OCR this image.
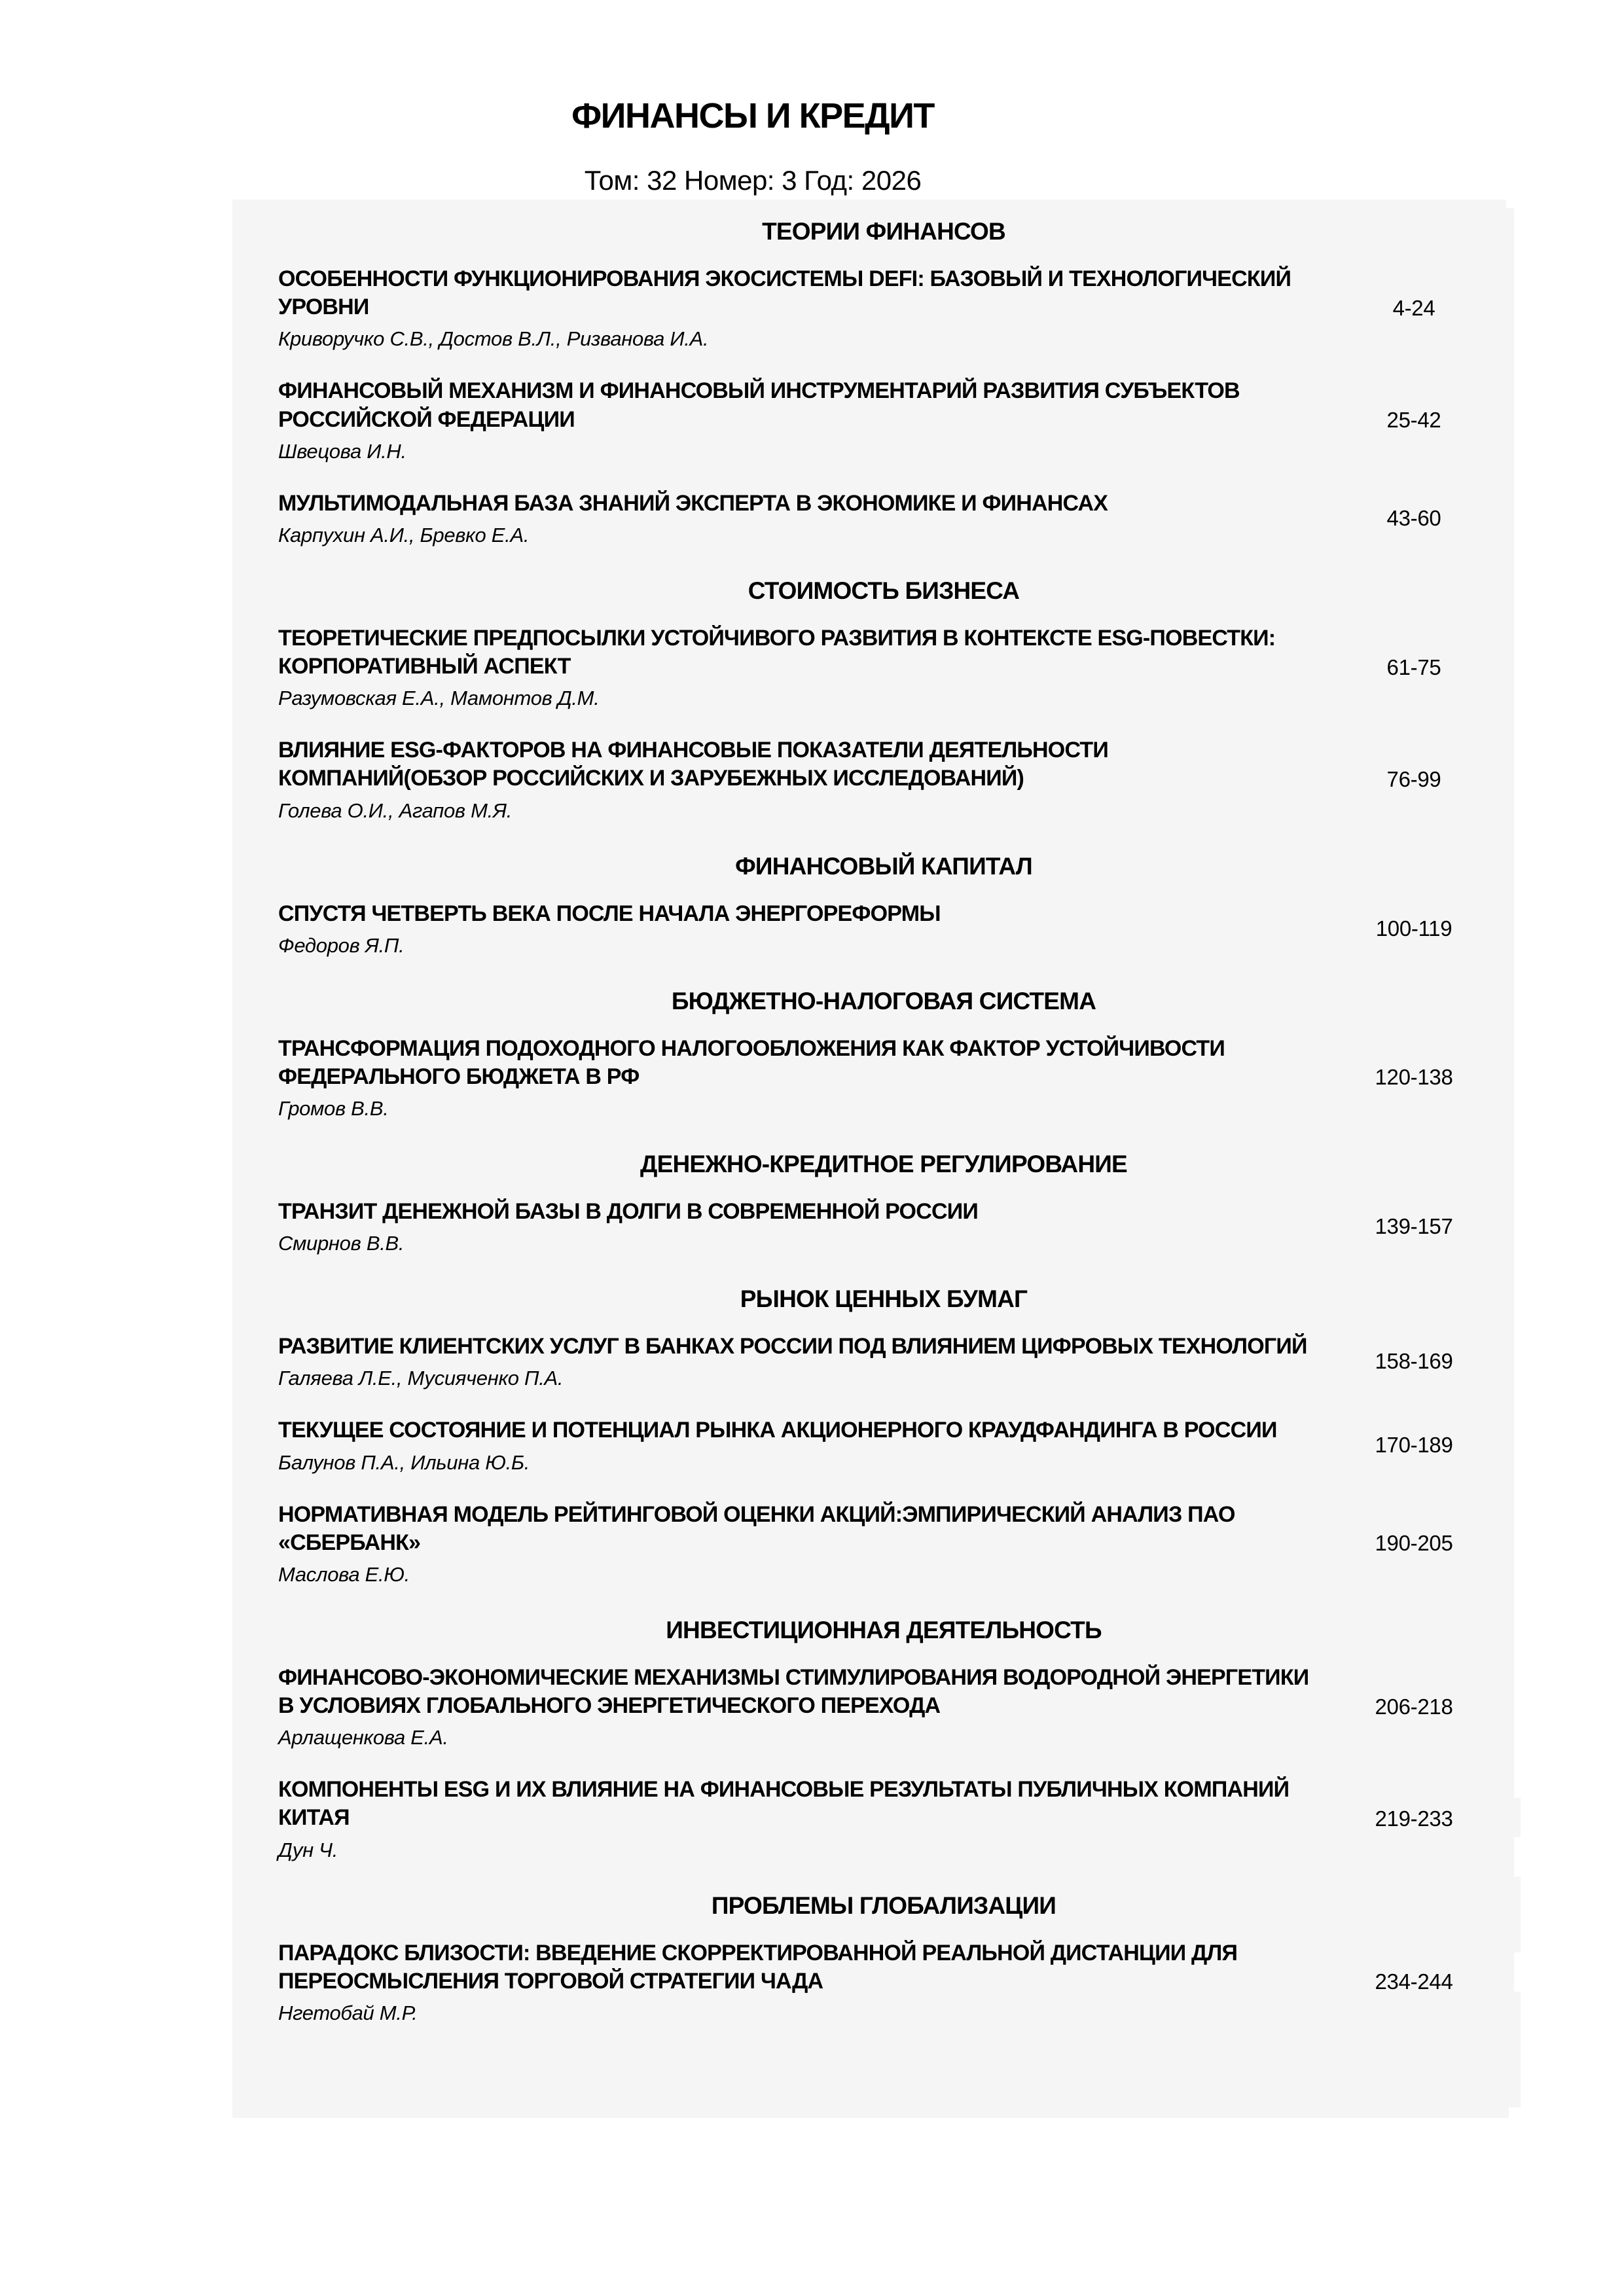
ФИНАНСЫ И КРЕДИТ
Том: 32 Номер: 3 Год: 2026
ТЕОРИИ ФИНАНСОВ
ОСОБЕННОСТИ ФУНКЦИОНИРОВАНИЯ ЭКОСИСТЕМЫ DEFI: БАЗОВЫЙ И ТЕХНОЛОГИЧЕСКИЙ УРОВНИ
Криворучко С.В., Достов В.Л., Ризванова И.А.
4-24
ФИНАНСОВЫЙ МЕХАНИЗМ И ФИНАНСОВЫЙ ИНСТРУМЕНТАРИЙ РАЗВИТИЯ СУБЪЕКТОВ РОССИЙСКОЙ ФЕДЕРАЦИИ
Швецова И.Н.
25-42
МУЛЬТИМОДАЛЬНАЯ БАЗА ЗНАНИЙ ЭКСПЕРТА В ЭКОНОМИКЕ И ФИНАНСАХ
Карпухин А.И., Бревко Е.А.
43-60
СТОИМОСТЬ БИЗНЕСА
ТЕОРЕТИЧЕСКИЕ ПРЕДПОСЫЛКИ УСТОЙЧИВОГО РАЗВИТИЯ В КОНТЕКСТЕ ESG-ПОВЕСТКИ: КОРПОРАТИВНЫЙ АСПЕКТ
Разумовская Е.А., Мамонтов Д.М.
61-75
ВЛИЯНИЕ ESG-ФАКТОРОВ НА ФИНАНСОВЫЕ ПОКАЗАТЕЛИ ДЕЯТЕЛЬНОСТИ КОМПАНИЙ(ОБЗОР РОССИЙСКИХ И ЗАРУБЕЖНЫХ ИССЛЕДОВАНИЙ)
Голева О.И., Агапов М.Я.
76-99
ФИНАНСОВЫЙ КАПИТАЛ
СПУСТЯ ЧЕТВЕРТЬ ВЕКА ПОСЛЕ НАЧАЛА ЭНЕРГОРЕФОРМЫ
Федоров Я.П.
100-119
БЮДЖЕТНО-НАЛОГОВАЯ СИСТЕМА
ТРАНСФОРМАЦИЯ ПОДОХОДНОГО НАЛОГООБЛОЖЕНИЯ КАК ФАКТОР УСТОЙЧИВОСТИ ФЕДЕРАЛЬНОГО БЮДЖЕТА В РФ
Громов В.В.
120-138
ДЕНЕЖНО-КРЕДИТНОЕ РЕГУЛИРОВАНИЕ
ТРАНЗИТ ДЕНЕЖНОЙ БАЗЫ В ДОЛГИ В СОВРЕМЕННОЙ РОССИИ
Смирнов В.В.
139-157
РЫНОК ЦЕННЫХ БУМАГ
РАЗВИТИЕ КЛИЕНТСКИХ УСЛУГ В БАНКАХ РОССИИ ПОД ВЛИЯНИЕМ ЦИФРОВЫХ ТЕХНОЛОГИЙ
Галяева Л.Е., Мусияченко П.А.
158-169
ТЕКУЩЕЕ СОСТОЯНИЕ И ПОТЕНЦИАЛ РЫНКА АКЦИОНЕРНОГО КРАУДФАНДИНГА В РОССИИ
Балунов П.А., Ильина Ю.Б.
170-189
НОРМАТИВНАЯ МОДЕЛЬ РЕЙТИНГОВОЙ ОЦЕНКИ АКЦИЙ:ЭМПИРИЧЕСКИЙ АНАЛИЗ ПАО «СБЕРБАНК»
Маслова Е.Ю.
190-205
ИНВЕСТИЦИОННАЯ ДЕЯТЕЛЬНОСТЬ
ФИНАНСОВО-ЭКОНОМИЧЕСКИЕ МЕХАНИЗМЫ СТИМУЛИРОВАНИЯ ВОДОРОДНОЙ ЭНЕРГЕТИКИ В УСЛОВИЯХ ГЛОБАЛЬНОГО ЭНЕРГЕТИЧЕСКОГО ПЕРЕХОДА
Арлащенкова Е.А.
206-218
КОМПОНЕНТЫ ESG И ИХ ВЛИЯНИЕ НА ФИНАНСОВЫЕ РЕЗУЛЬТАТЫ ПУБЛИЧНЫХ КОМПАНИЙ КИТАЯ
Дун Ч.
219-233
ПРОБЛЕМЫ ГЛОБАЛИЗАЦИИ
ПАРАДОКС БЛИЗОСТИ: ВВЕДЕНИЕ СКОРРЕКТИРОВАННОЙ РЕАЛЬНОЙ ДИСТАНЦИИ ДЛЯ ПЕРЕОСМЫСЛЕНИЯ ТОРГОВОЙ СТРАТЕГИИ ЧАДА
Нгетобай М.Р.
234-244
